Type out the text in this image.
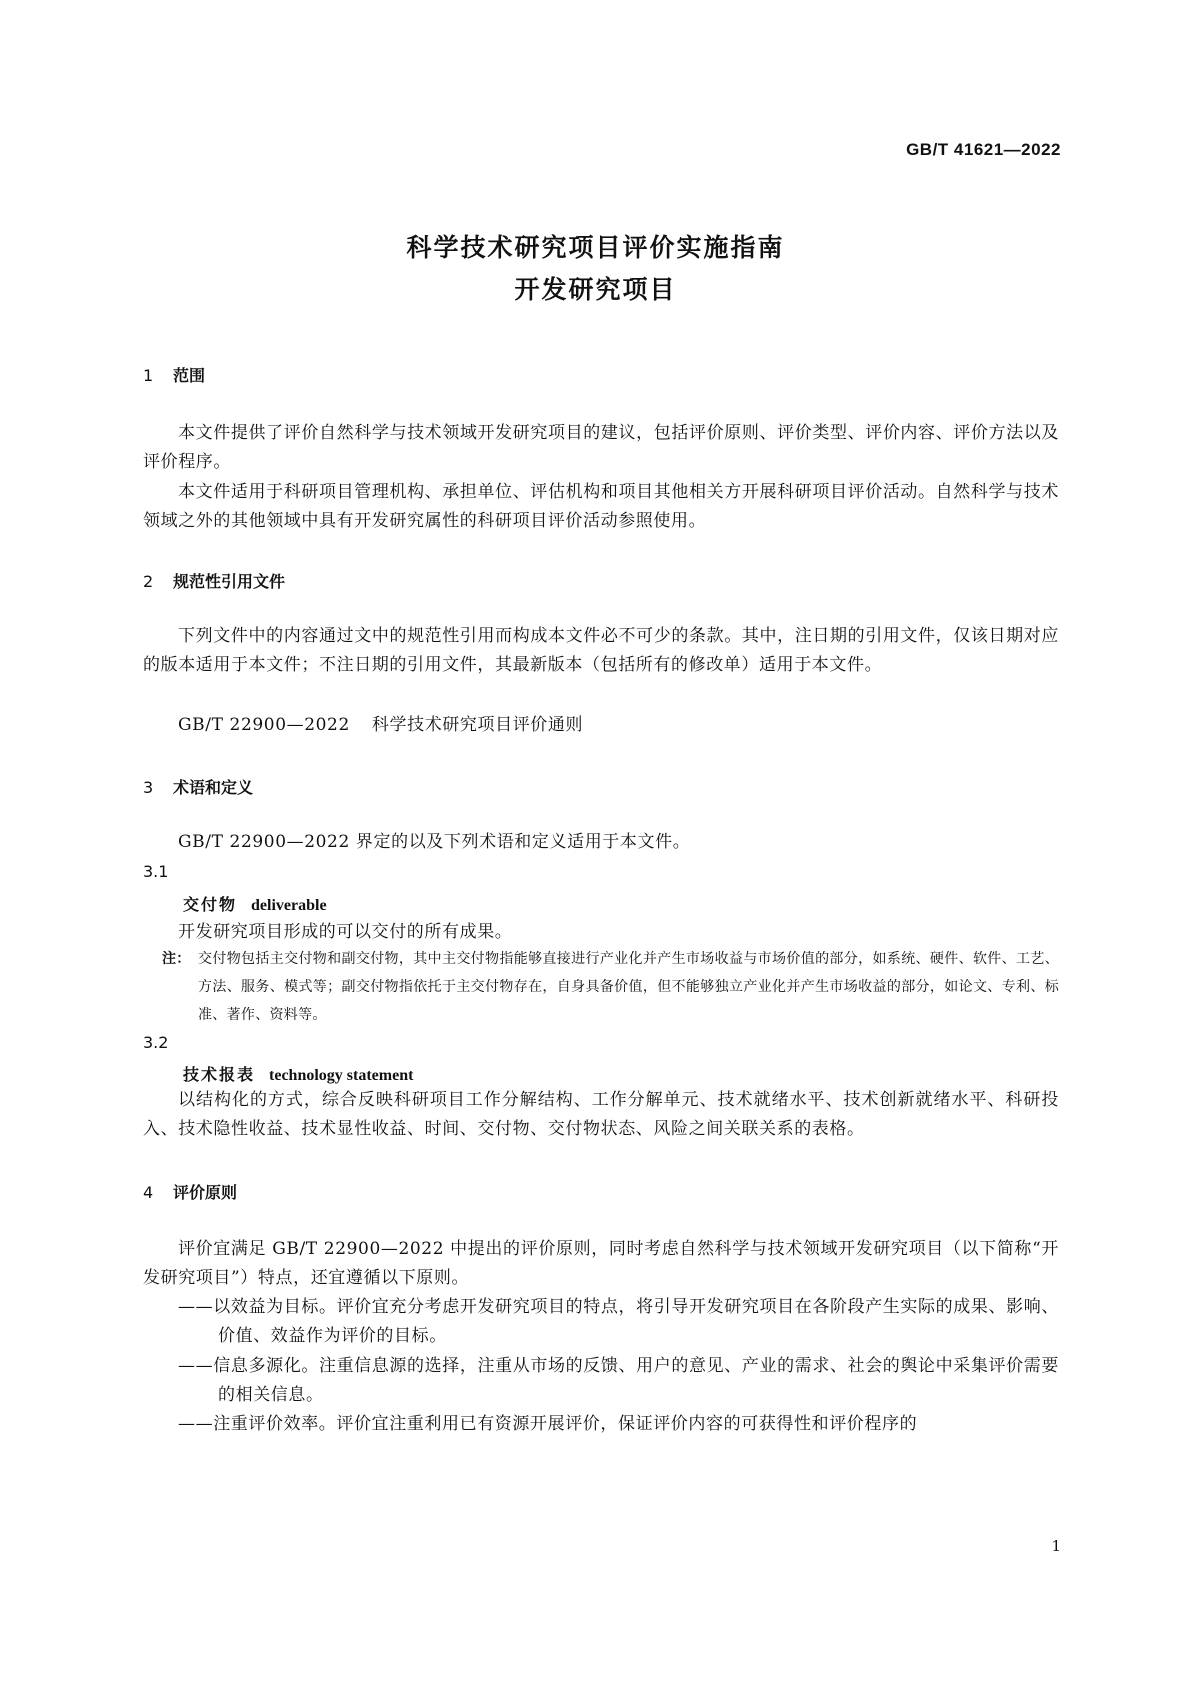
GB/T 41621—2022
科学技术研究项目评价实施指南
开发研究项目
1 范围
本文件提供了评价自然科学与技术领域开发研究项目的建议，包括评价原则、评价类型、评价内容、评价方法以及评价程序。
本文件适用于科研项目管理机构、承担单位、评估机构和项目其他相关方开展科研项目评价活动。自然科学与技术领域之外的其他领域中具有开发研究属性的科研项目评价活动参照使用。
2 规范性引用文件
下列文件中的内容通过文中的规范性引用而构成本文件必不可少的条款。其中，注日期的引用文件，仅该日期对应的版本适用于本文件；不注日期的引用文件，其最新版本（包括所有的修改单）适用于本文件。
GB/T 22900—2022 科学技术研究项目评价通则
3 术语和定义
GB/T 22900—2022 界定的以及下列术语和定义适用于本文件。
3.1
交付物 deliverable
开发研究项目形成的可以交付的所有成果。
注： 交付物包括主交付物和副交付物，其中主交付物指能够直接进行产业化并产生市场收益与市场价值的部分，如系统、硬件、软件、工艺、方法、服务、模式等；副交付物指依托于主交付物存在，自身具备价值，但不能够独立产业化并产生市场收益的部分，如论文、专利、标准、著作、资料等。
3.2
技术报表 technology statement
以结构化的方式，综合反映科研项目工作分解结构、工作分解单元、技术就绪水平、技术创新就绪水平、科研投入、技术隐性收益、技术显性收益、时间、交付物、交付物状态、风险之间关联关系的表格。
4 评价原则
评价宜满足 GB/T 22900—2022 中提出的评价原则，同时考虑自然科学与技术领域开发研究项目（以下简称“开发研究项目”）特点，还宜遵循以下原则。
——以效益为目标。评价宜充分考虑开发研究项目的特点，将引导开发研究项目在各阶段产生实际的成果、影响、价值、效益作为评价的目标。
——信息多源化。注重信息源的选择，注重从市场的反馈、用户的意见、产业的需求、社会的舆论中采集评价需要的相关信息。
——注重评价效率。评价宜注重利用已有资源开展评价，保证评价内容的可获得性和评价程序的
1
